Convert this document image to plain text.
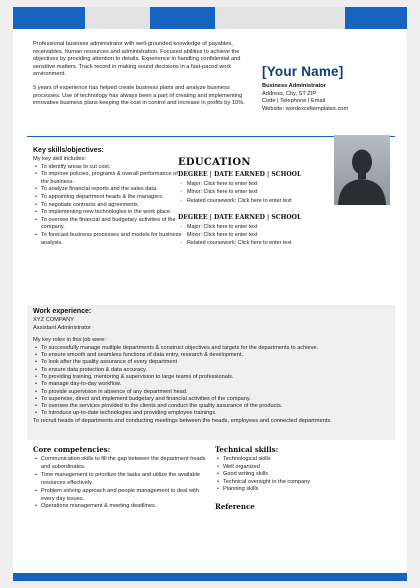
Professional business administrator with well-grounded knowledge of payables, receivables, human resources and administration. Focused abilities to achieve the objectives by providing attention to details. Experience in handling confidential and sensitive matters. Track record in making sound decisions in a fast-paced work environment.

5 years of experience has helped create business plans and analyze business processes. Use of technology has always been a part of creating and implementing innovative business plans keeping the cost in control and increase in profits by 10%.

[Your Name]

Business Administrator

Address, City, ST ZIP

Code | Telephone | Email

Website: wordexceltemplates.com

Key skills/objectives:

My key skill includes:

• To identify areas to cut cost.
• To improve policies, programs & overall performance of the business.
• To analyze financial reports and the sales data.
• To appointing department heads & the managers.
• To negotiate contracts and agreements.
• To implementing new technologies in the work place.
• To oversee the financial and budgetary activities of the company.
• To forecast business processes and models for business analysis.

EDUCATION

DEGREE | DATE EARNED | SCHOOL

◦ Major: Click here to enter text
◦ Minor: Click here to enter text
◦ Related coursework: Click here to enter text

DEGREE | DATE EARNED | SCHOOL

◦ Major: Click here to enter text
◦ Minor: Click here to enter text
◦ Related coursework: Click here to enter text

Work experience:

XYZ COMPANY

Assistant Administrator

My key roles in this job were:

• To successfully manage multiple departments & construct objectives and targets for the departments to achieve.
• To ensure smooth and seamless functions of data entry, research & development.
• To look after the quality assurance of every department
• To ensure data protection & data accuracy.
• To providing training, mentoring & supervision to large teams of professionals.
• To manage day-to-day workflow.
• To provide supervision in absence of any department head.
• To supervise, direct and implement budgetary and financial activities of the company.
• To oversee the services provided to the clients and conduct the quality assurance of the products.
• To introduce up-to-date technologies and providing employee trainings.

To recruit heads of departments and conducting meetings between the heads, employees and connected departments.

Core competencies:

• Communication skills to fill the gap between the department heads and subordinates.
• Time management to prioritize the tasks and utilize the available resources effectively.
• Problem solving approach and people management to deal with every day issues.
• Operations management & meeting deadlines.

Technical skills:

• Technological skills
• Well organized
• Good writing skills
• Technical oversight in the company
• Planning skills
Reference
